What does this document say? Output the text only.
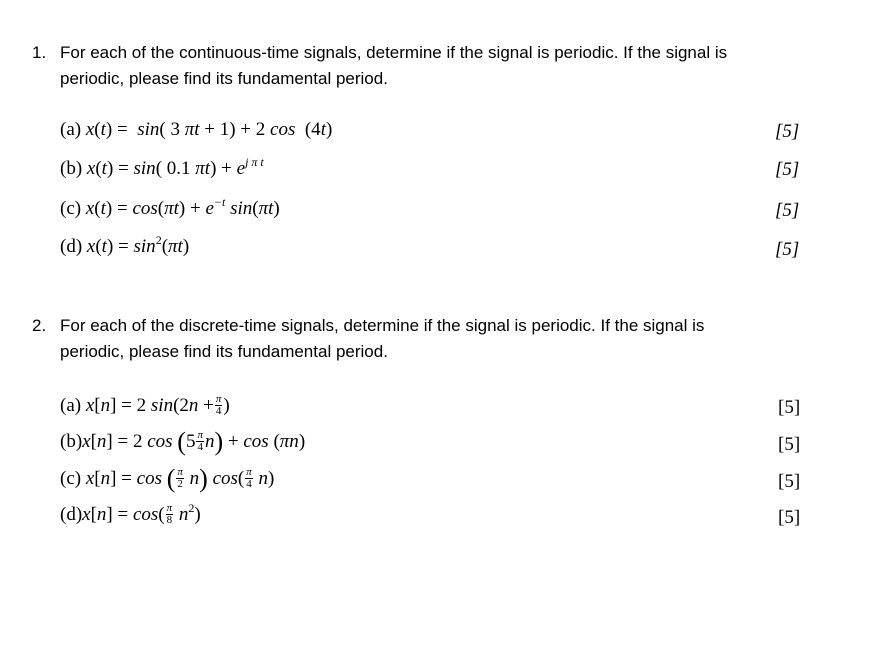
1. For each of the continuous-time signals, determine if the signal is periodic. If the signal is
periodic, please find its fundamental period.
(a) x(t) =  sin( 3 πt + 1) + 2 cos  (4t)	[5]
(b) x(t) = sin( 0.1 $\pi t) + e^{j \pi t}$	[5]
(c) $x(t) = \cos(\pi t) + e^{-t}$ sin(πt)	[5]
(d) $x(t) = \sin^2(\pi t)$	[5]
2. For each of the discrete-time signals, determine if the signal is periodic. If the signal is
periodic, please find its fundamental period.
(a) x[n] = 2 $\sin(2n + \frac{\pi}{4}$ )	[5]
(b)x[n] = 2 $\cos (5 \frac{\pi}{4} n) + \cos (\pi n)$	[5]
(c) x[n] = cos ( $\frac{\pi}{2} n$) $\cos( \frac{\pi}{4} n)$	[5]
$(d)x[n] = \cos( \frac{\pi}{8} n^2)$	[5]
